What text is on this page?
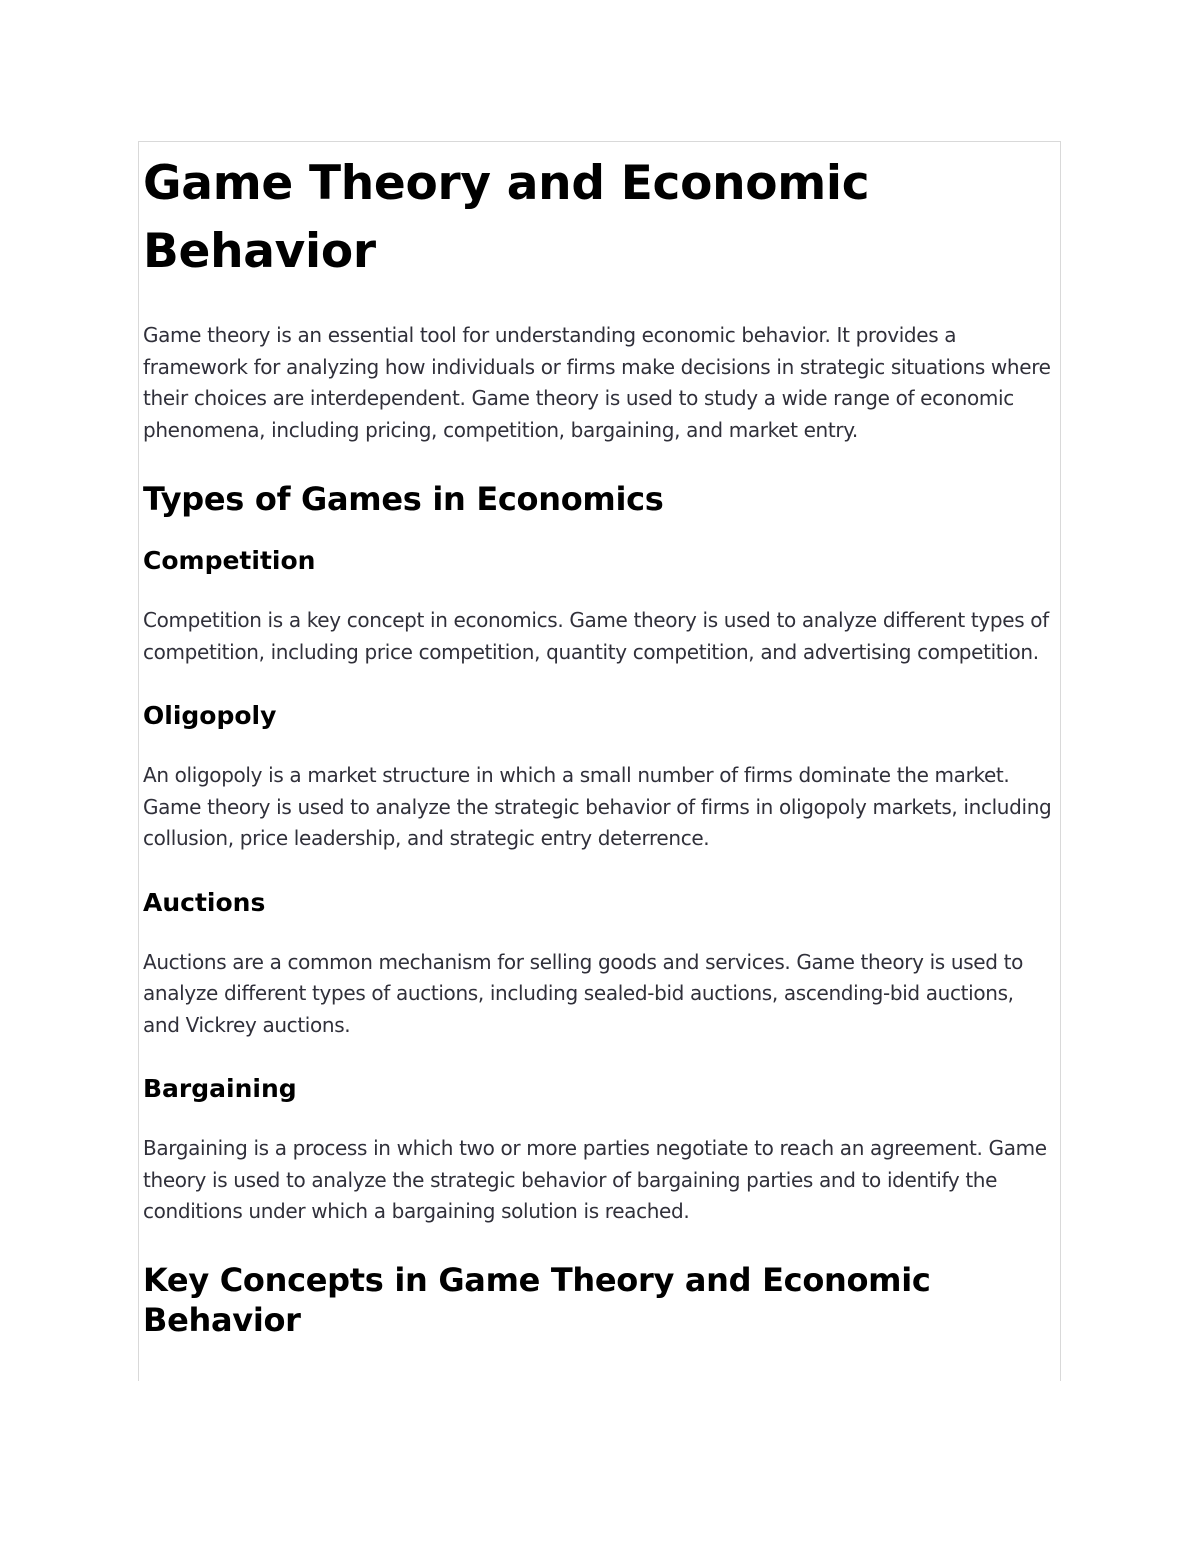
Game Theory and Economic Behavior

Game theory is an essential tool for understanding economic behavior. It provides a framework for analyzing how individuals or firms make decisions in strategic situations where their choices are interdependent. Game theory is used to study a wide range of economic phenomena, including pricing, competition, bargaining, and market entry.

Types of Games in Economics
Competition

Competition is a key concept in economics. Game theory is used to analyze different types of competition, including price competition, quantity competition, and advertising competition.

Oligopoly

An oligopoly is a market structure in which a small number of firms dominate the market. Game theory is used to analyze the strategic behavior of firms in oligopoly markets, including collusion, price leadership, and strategic entry deterrence.

Auctions

Auctions are a common mechanism for selling goods and services. Game theory is used to analyze different types of auctions, including sealed-bid auctions, ascending-bid auctions, and Vickrey auctions.

Bargaining

Bargaining is a process in which two or more parties negotiate to reach an agreement. Game theory is used to analyze the strategic behavior of bargaining parties and to identify the conditions under which a bargaining solution is reached.

Key Concepts in Game Theory and Economic Behavior
